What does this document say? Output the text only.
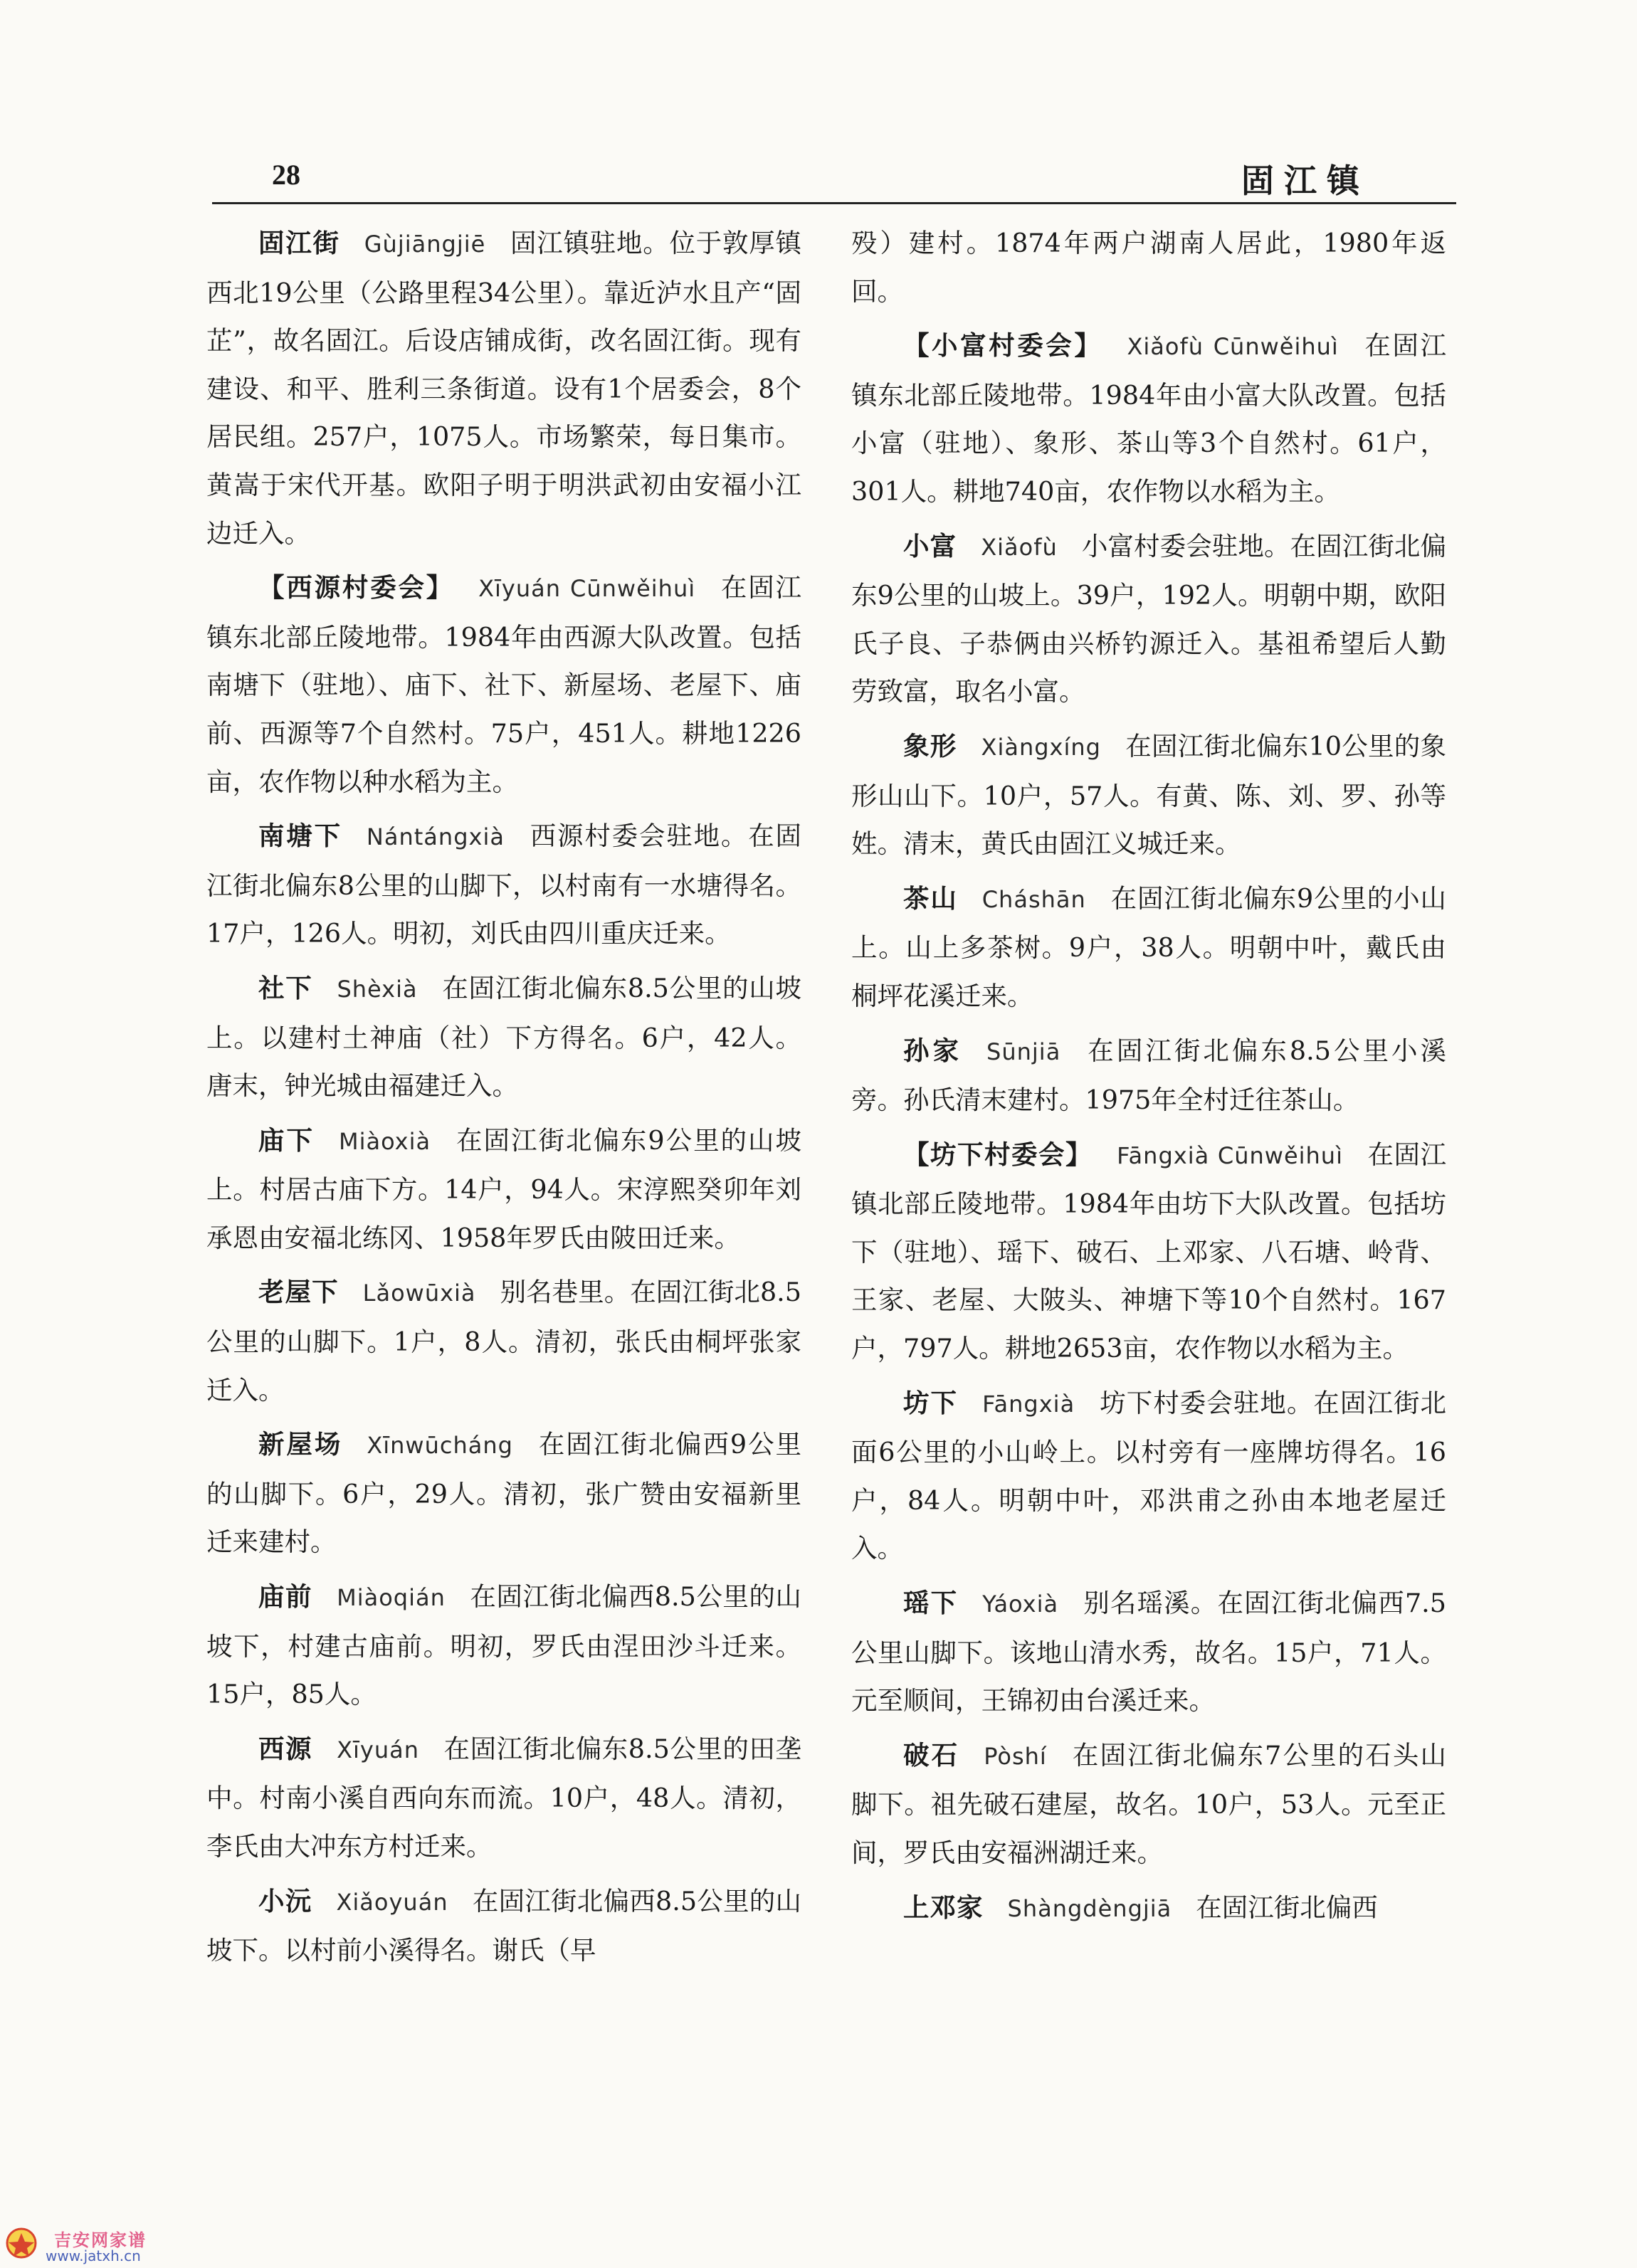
28	固江镇

固江街 Gùjiāngjiē 固江镇驻地。位于敦厚镇西北19公里（公路里程34公里）。靠近泸水且产“固芷”，故名固江。后设店铺成街，改名固江街。现有建设、和平、胜利三条街道。设有1个居委会，8个居民组。257户，1075人。市场繁荣，每日集市。黄嵩于宋代开基。欧阳子明于明洪武初由安福小江边迁入。

【西源村委会】 Xīyuán Cūnwěihuì 在固江镇东北部丘陵地带。1984年由西源大队改置。包括南塘下（驻地）、庙下、社下、新屋场、老屋下、庙前、西源等7个自然村。75户，451人。耕地1226亩，农作物以种水稻为主。

南塘下 Nántángxià 西源村委会驻地。在固江街北偏东8公里的山脚下，以村南有一水塘得名。17户，126人。明初，刘氏由四川重庆迁来。

社下 Shèxià 在固江街北偏东8.5公里的山坡上。以建村土神庙（社）下方得名。6户，42人。唐末，钟光城由福建迁入。

庙下 Miàoxià 在固江街北偏东9公里的山坡上。村居古庙下方。14户，94人。宋淳熙癸卯年刘承恩由安福北练冈、1958年罗氏由陂田迁来。

老屋下 Lǎowūxià 别名巷里。在固江街北8.5公里的山脚下。1户，8人。清初，张氏由桐坪张家迁入。

新屋场 Xīnwūcháng 在固江街北偏西9公里的山脚下。6户，29人。清初，张广赞由安福新里迁来建村。

庙前 Miàoqián 在固江街北偏西8.5公里的山坡下，村建古庙前。明初，罗氏由涅田沙斗迁来。15户，85人。

西源 Xīyuán 在固江街北偏东8.5公里的田垄中。村南小溪自西向东而流。10户，48人。清初，李氏由大冲东方村迁来。

小沅 Xiǎoyuán 在固江街北偏西8.5公里的山坡下。以村前小溪得名。谢氏（早

殁）建村。1874年两户湖南人居此，1980年返回。

【小富村委会】 Xiǎofù Cūnwěihuì 在固江镇东北部丘陵地带。1984年由小富大队改置。包括小富（驻地）、象形、茶山等3个自然村。61户，301人。耕地740亩，农作物以水稻为主。

小富 Xiǎofù 小富村委会驻地。在固江街北偏东9公里的山坡上。39户，192人。明朝中期，欧阳氏子良、子恭俩由兴桥钓源迁入。基祖希望后人勤劳致富，取名小富。

象形 Xiàngxíng 在固江街北偏东10公里的象形山山下。10户，57人。有黄、陈、刘、罗、孙等姓。清末，黄氏由固江义城迁来。

茶山 Cháshān 在固江街北偏东9公里的小山上。山上多茶树。9户，38人。明朝中叶，戴氏由桐坪花溪迁来。

孙家 Sūnjiā 在固江街北偏东8.5公里小溪旁。孙氏清末建村。1975年全村迁往茶山。

【坊下村委会】 Fāngxià Cūnwěihuì 在固江镇北部丘陵地带。1984年由坊下大队改置。包括坊下（驻地）、瑶下、破石、上邓家、八石塘、岭背、王家、老屋、大陂头、神塘下等10个自然村。167户，797人。耕地2653亩，农作物以水稻为主。

坊下 Fāngxià 坊下村委会驻地。在固江街北面6公里的小山岭上。以村旁有一座牌坊得名。16户，84人。明朝中叶，邓洪甫之孙由本地老屋迁入。

瑶下 Yáoxià 别名瑶溪。在固江街北偏西7.5公里山脚下。该地山清水秀，故名。15户，71人。元至顺间，王锦初由台溪迁来。

破石 Pòshí 在固江街北偏东7公里的石头山脚下。祖先破石建屋，故名。10户，53人。元至正间，罗氏由安福洲湖迁来。

上邓家 Shàngdèngjiā 在固江街北偏西

吉安网家谱
www.jatxh.cn
